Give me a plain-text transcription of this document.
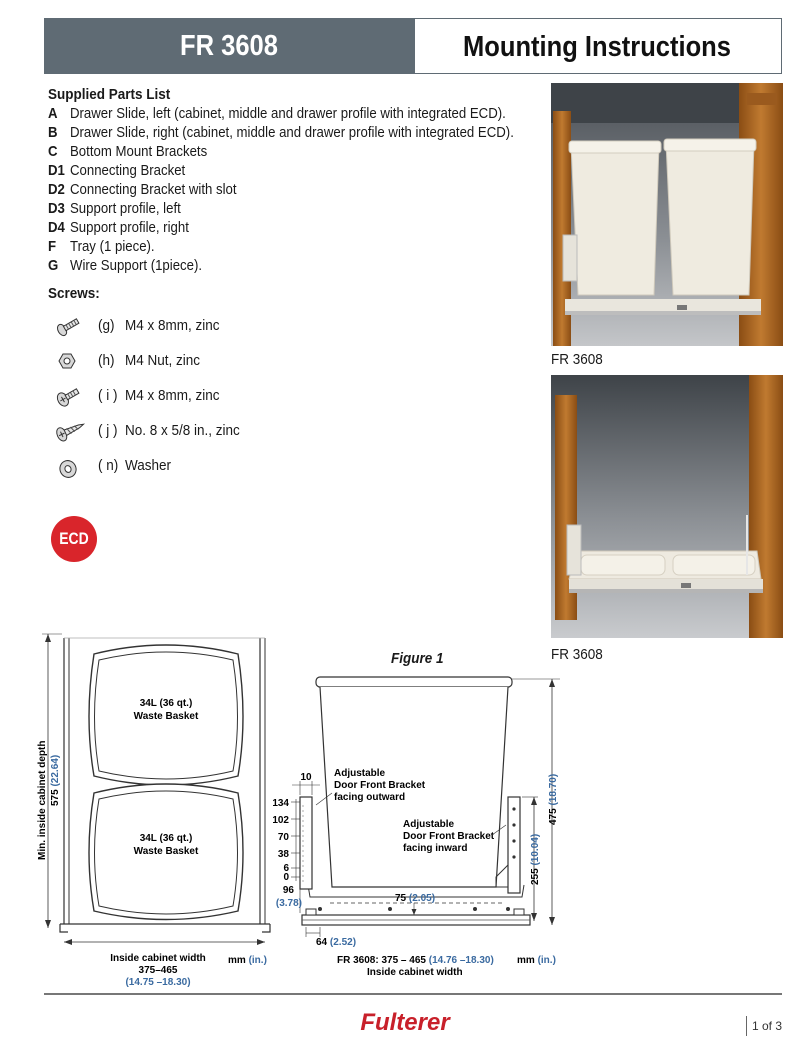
FR 3608	Mounting Instructions
Supplied Parts List
A Drawer Slide, left (cabinet, middle and drawer profile with integrated ECD).
B Drawer Slide, right (cabinet, middle and drawer profile with integrated ECD).
C Bottom Mount Brackets
D1 Connecting Bracket
D2 Connecting Bracket with slot
D3 Support profile, left
D4 Support profile, right
F Tray (1 piece).
G Wire Support (1piece).
Screws:
(g) M4 x 8mm, zinc
(h) M4 Nut, zinc
( i ) M4 x 8mm, zinc
( j ) No. 8 x 5/8 in., zinc
( n) Washer
ECD
FR 3608
FR 3608
34L (36 qt.)
Waste Basket
34L (36 qt.)
Waste Basket
Min. inside cabinet depth 575 (22.64)
Inside cabinet width
375–465
(14.75 –18.30)
mm (in.)
Figure 1
10
134
102
70
38
6
0
96
(3.78)
Adjustable
Door Front Bracket
facing outward
Adjustable
Door Front Bracket
facing inward
75 (2.05)
64 (2.52)
475 (18.70)
255 (10.04)
FR 3608: 375 – 465 (14.76 –18.30)
Inside cabinet width
mm (in.)
Fulterer	1 of 3
